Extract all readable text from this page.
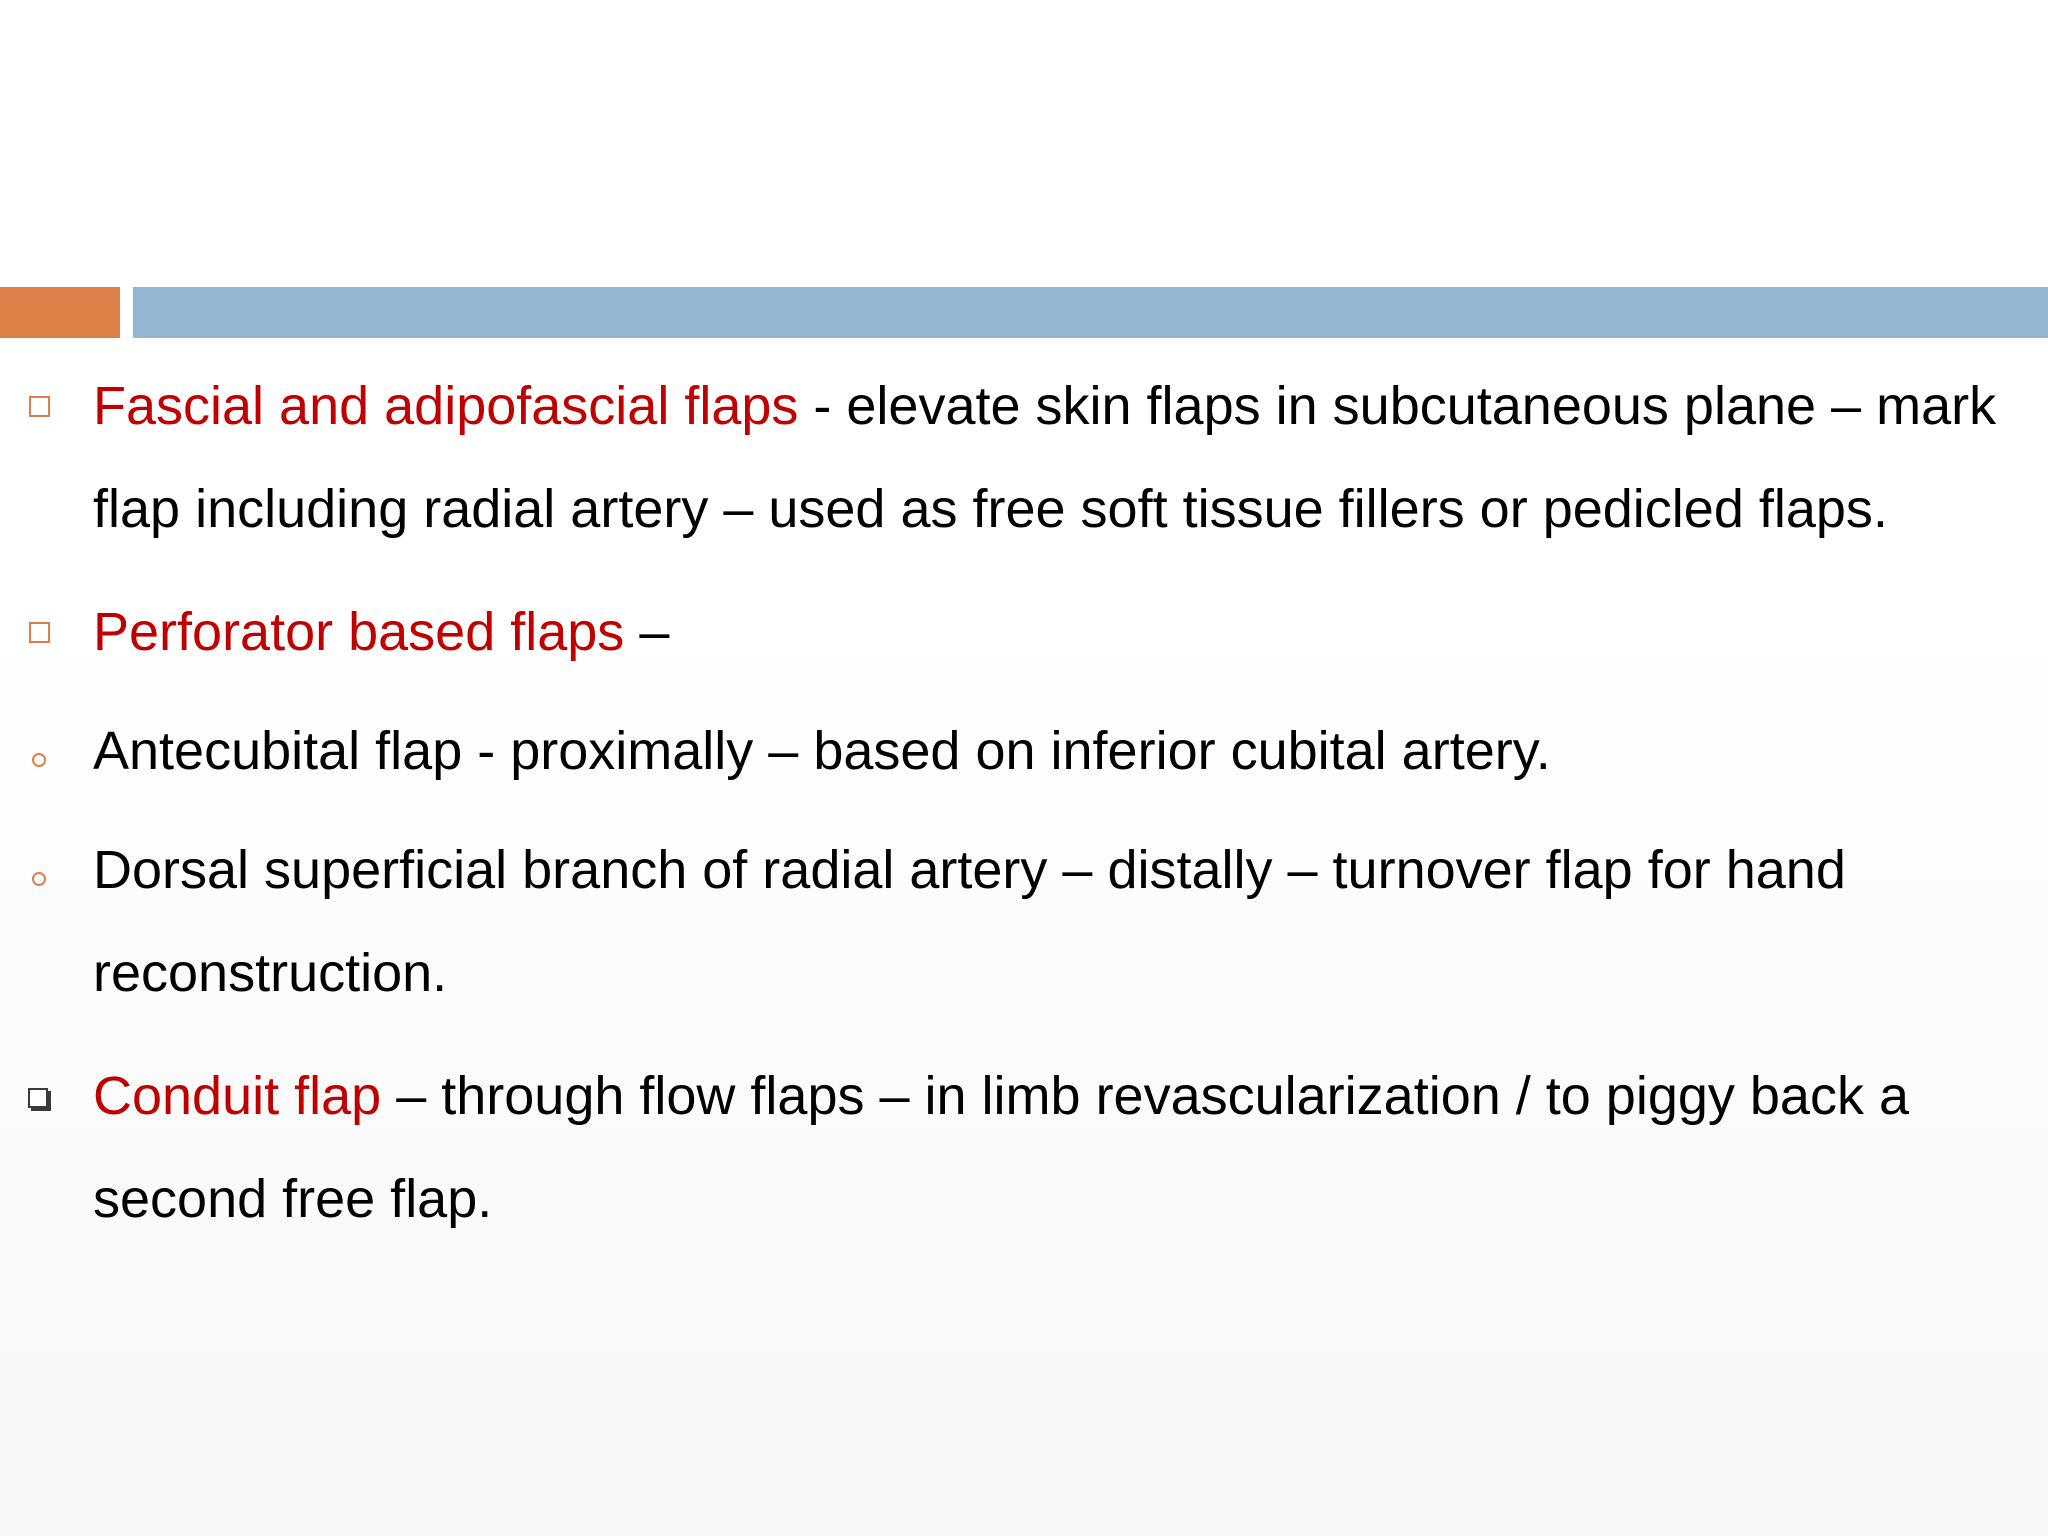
Fascial and adipofascial flaps - elevate skin flaps in subcutaneous plane – mark flap including radial artery – used as free soft tissue fillers or pedicled flaps.
Perforator based flaps –
Antecubital flap - proximally – based on inferior cubital artery.
Dorsal superficial branch of radial artery – distally – turnover flap for hand reconstruction.
Conduit flap – through flow flaps – in limb revascularization / to piggy back a second free flap.
